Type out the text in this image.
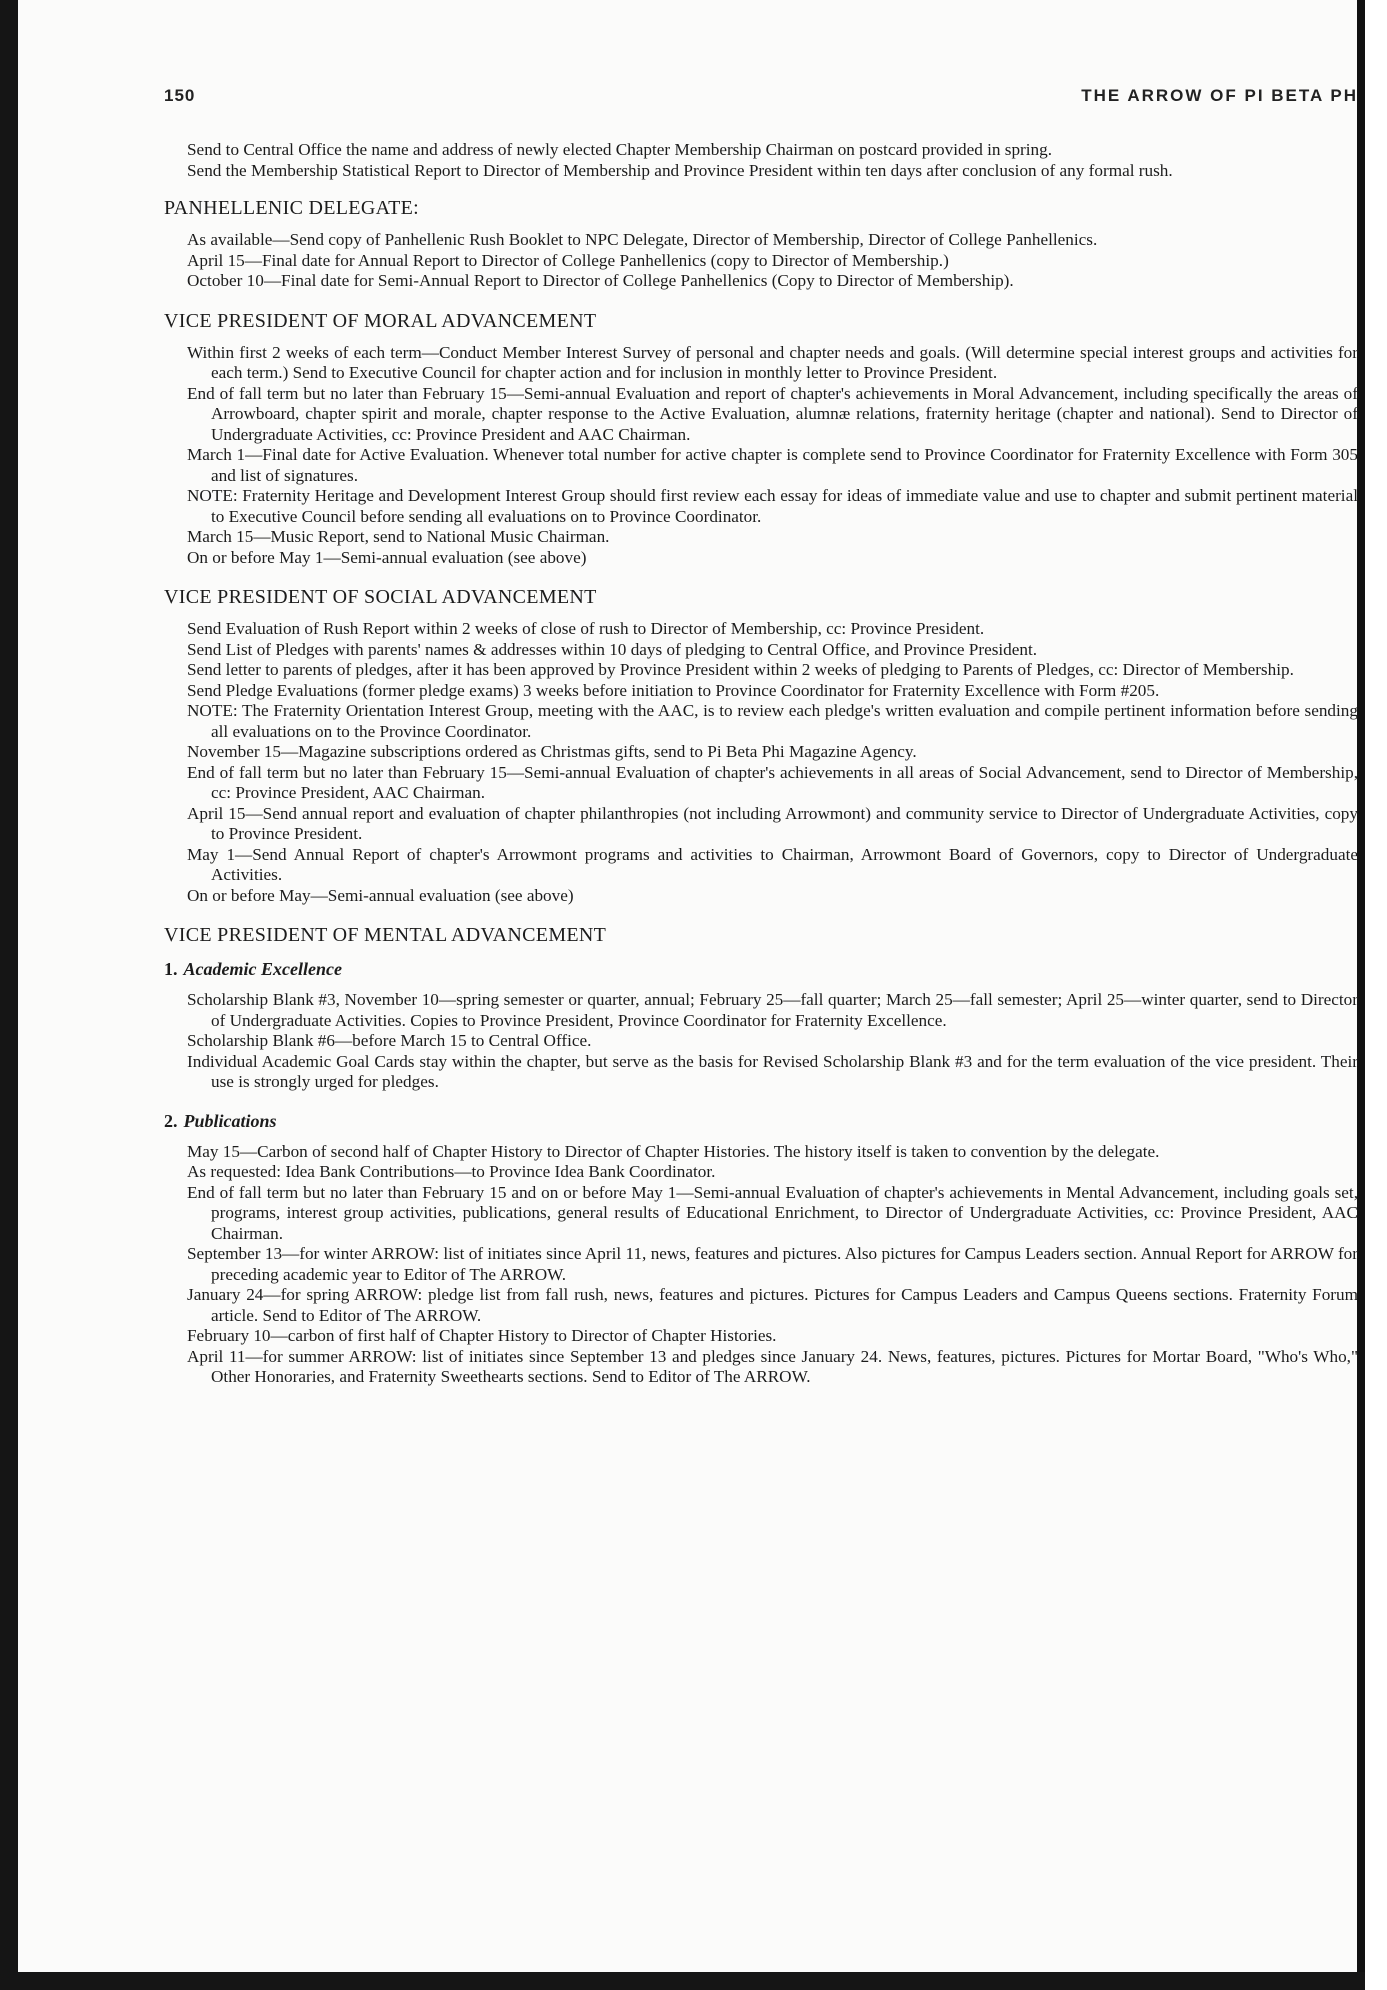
150	THE ARROW OF PI BETA PH
Send to Central Office the name and address of newly elected Chapter Membership Chairman on postcard provided in spring.
Send the Membership Statistical Report to Director of Membership and Province President within ten days after conclusion of any formal rush.
PANHELLENIC DELEGATE:
As available—Send copy of Panhellenic Rush Booklet to NPC Delegate, Director of Membership, Director of College Panhellenics.
April 15—Final date for Annual Report to Director of College Panhellenics (copy to Director of Membership.)
October 10—Final date for Semi-Annual Report to Director of College Panhellenics (Copy to Director of Membership).
VICE PRESIDENT OF MORAL ADVANCEMENT
Within first 2 weeks of each term—Conduct Member Interest Survey of personal and chapter needs and goals. (Will determine special interest groups and activities for each term.) Send to Executive Council for chapter action and for inclusion in monthly letter to Province President.
End of fall term but no later than February 15—Semi-annual Evaluation and report of chapter's achievements in Moral Advancement, including specifically the areas of Arrowboard, chapter spirit and morale, chapter response to the Active Evaluation, alumnæ relations, fraternity heritage (chapter and national). Send to Director of Undergraduate Activities, cc: Province President and AAC Chairman.
March 1—Final date for Active Evaluation. Whenever total number for active chapter is complete send to Province Coordinator for Fraternity Excellence with Form 305 and list of signatures.
NOTE: Fraternity Heritage and Development Interest Group should first review each essay for ideas of immediate value and use to chapter and submit pertinent material to Executive Council before sending all evaluations on to Province Coordinator.
March 15—Music Report, send to National Music Chairman.
On or before May 1—Semi-annual evaluation (see above)
VICE PRESIDENT OF SOCIAL ADVANCEMENT
Send Evaluation of Rush Report within 2 weeks of close of rush to Director of Membership, cc: Province President.
Send List of Pledges with parents' names & addresses within 10 days of pledging to Central Office, and Province President.
Send letter to parents of pledges, after it has been approved by Province President within 2 weeks of pledging to Parents of Pledges, cc: Director of Membership.
Send Pledge Evaluations (former pledge exams) 3 weeks before initiation to Province Coordinator for Fraternity Excellence with Form #205.
NOTE: The Fraternity Orientation Interest Group, meeting with the AAC, is to review each pledge's written evaluation and compile pertinent information before sending all evaluations on to the Province Coordinator.
November 15—Magazine subscriptions ordered as Christmas gifts, send to Pi Beta Phi Magazine Agency.
End of fall term but no later than February 15—Semi-annual Evaluation of chapter's achievements in all areas of Social Advancement, send to Director of Membership, cc: Province President, AAC Chairman.
April 15—Send annual report and evaluation of chapter philanthropies (not including Arrowmont) and community service to Director of Undergraduate Activities, copy to Province President.
May 1—Send Annual Report of chapter's Arrowmont programs and activities to Chairman, Arrowmont Board of Governors, copy to Director of Undergraduate Activities.
On or before May—Semi-annual evaluation (see above)
VICE PRESIDENT OF MENTAL ADVANCEMENT
1. Academic Excellence
Scholarship Blank #3, November 10—spring semester or quarter, annual; February 25—fall quarter; March 25—fall semester; April 25—winter quarter, send to Director of Undergraduate Activities. Copies to Province President, Province Coordinator for Fraternity Excellence.
Scholarship Blank #6—before March 15 to Central Office.
Individual Academic Goal Cards stay within the chapter, but serve as the basis for Revised Scholarship Blank #3 and for the term evaluation of the vice president. Their use is strongly urged for pledges.
2. Publications
May 15—Carbon of second half of Chapter History to Director of Chapter Histories. The history itself is taken to convention by the delegate.
As requested: Idea Bank Contributions—to Province Idea Bank Coordinator.
End of fall term but no later than February 15 and on or before May 1—Semi-annual Evaluation of chapter's achievements in Mental Advancement, including goals set, programs, interest group activities, publications, general results of Educational Enrichment, to Director of Undergraduate Activities, cc: Province President, AAC Chairman.
September 13—for winter ARROW: list of initiates since April 11, news, features and pictures. Also pictures for Campus Leaders section. Annual Report for ARROW for preceding academic year to Editor of The ARROW.
January 24—for spring ARROW: pledge list from fall rush, news, features and pictures. Pictures for Campus Leaders and Campus Queens sections. Fraternity Forum article. Send to Editor of The ARROW.
February 10—carbon of first half of Chapter History to Director of Chapter Histories.
April 11—for summer ARROW: list of initiates since September 13 and pledges since January 24. News, features, pictures. Pictures for Mortar Board, "Who's Who," Other Honoraries, and Fraternity Sweethearts sections. Send to Editor of The ARROW.
